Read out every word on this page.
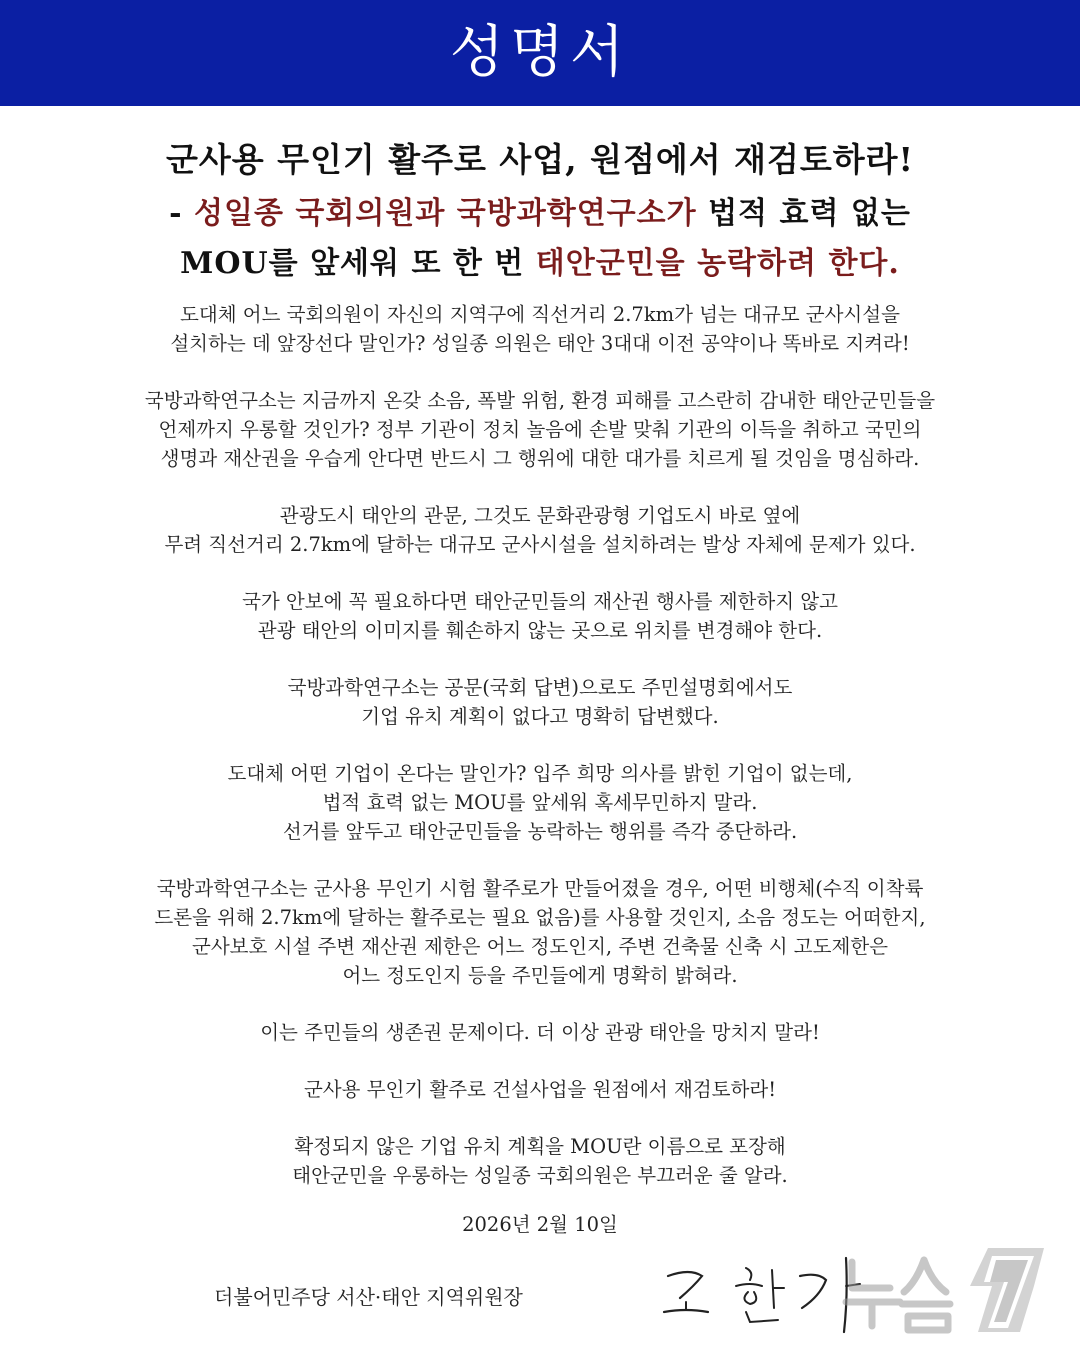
성명서
군사용 무인기 활주로 사업, 원점에서 재검토하라!
- 성일종 국회의원과 국방과학연구소가 법적 효력 없는
MOU를 앞세워 또 한 번 태안군민을 농락하려 한다.

도대체 어느 국회의원이 자신의 지역구에 직선거리 2.7km가 넘는 대규모 군사시설을
설치하는 데 앞장선다 말인가? 성일종 의원은 태안 3대대 이전 공약이나 똑바로 지켜라!

국방과학연구소는 지금까지 온갖 소음, 폭발 위험, 환경 피해를 고스란히 감내한 태안군민들을
언제까지 우롱할 것인가? 정부 기관이 정치 놀음에 손발 맞춰 기관의 이득을 취하고 국민의
생명과 재산권을 우습게 안다면 반드시 그 행위에 대한 대가를 치르게 될 것임을 명심하라.

관광도시 태안의 관문, 그것도 문화관광형 기업도시 바로 옆에
무려 직선거리 2.7km에 달하는 대규모 군사시설을 설치하려는 발상 자체에 문제가 있다.

국가 안보에 꼭 필요하다면 태안군민들의 재산권 행사를 제한하지 않고
관광 태안의 이미지를 훼손하지 않는 곳으로 위치를 변경해야 한다.

국방과학연구소는 공문(국회 답변)으로도 주민설명회에서도
기업 유치 계획이 없다고 명확히 답변했다.

도대체 어떤 기업이 온다는 말인가? 입주 희망 의사를 밝힌 기업이 없는데,
법적 효력 없는 MOU를 앞세워 혹세무민하지 말라.
선거를 앞두고 태안군민들을 농락하는 행위를 즉각 중단하라.

국방과학연구소는 군사용 무인기 시험 활주로가 만들어졌을 경우, 어떤 비행체(수직 이착륙
드론을 위해 2.7km에 달하는 활주로는 필요 없음)를 사용할 것인지, 소음 정도는 어떠한지,
군사보호 시설 주변 재산권 제한은 어느 정도인지, 주변 건축물 신축 시 고도제한은
어느 정도인지 등을 주민들에게 명확히 밝혀라.

이는 주민들의 생존권 문제이다. 더 이상 관광 태안을 망치지 말라!

군사용 무인기 활주로 건설사업을 원점에서 재검토하라!

확정되지 않은 기업 유치 계획을 MOU란 이름으로 포장해
태안군민을 우롱하는 성일종 국회의원은 부끄러운 줄 알라.

2026년 2월 10일
더불어민주당 서산·태안 지역위원장
